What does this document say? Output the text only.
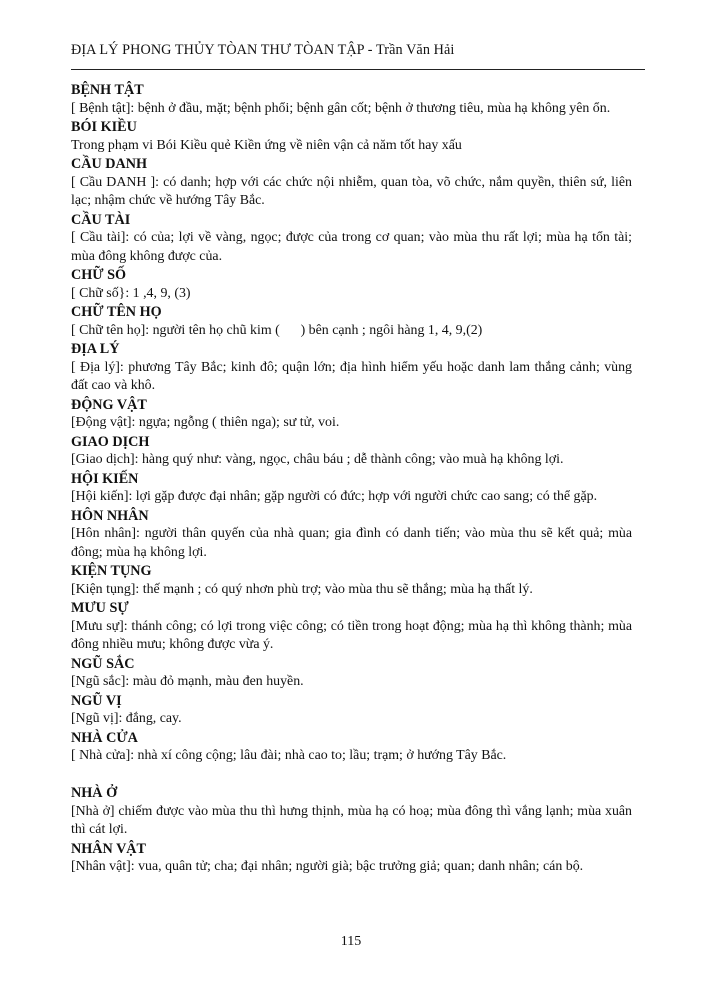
ĐỊA LÝ PHONG THỦY TÒAN THƯ TÒAN TẬP - Trần Văn Hải
BỆNH TẬT

[ Bệnh tật]: bệnh ở đầu, mặt; bệnh phổi; bệnh gân cốt; bệnh ở thương tiêu, mùa hạ không yên ổn.

BÓI KIỀU

Trong phạm vi Bói Kiều quẻ Kiền ứng về niên vận cả năm tốt hay xấu

CẦU DANH

[ Cầu DANH ]: có danh; hợp với các chức nội nhiễm, quan tòa, võ chức, nắm quyền, thiên sứ, liên lạc; nhậm chức về hướng Tây Bắc.

CẦU TÀI

[ Cầu tài]: có của; lợi về vàng, ngọc; được của trong cơ quan; vào mùa thu rất lợi; mùa hạ tổn tài; mùa đông không được của.

CHỮ SỐ

[ Chữ số}: 1 ,4, 9, (3)

CHỮ TÊN HỌ

[ Chữ tên họ]: người tên họ chũ kim (      ) bên cạnh ; ngôi hàng 1, 4, 9,(2)

ĐỊA LÝ

[ Địa lý]: phương Tây Bắc; kinh đô; quận lớn; địa hình hiểm yếu hoặc danh lam thắng cảnh; vùng đất cao và khô.

ĐỘNG VẬT

[Động vật]: ngựa; ngỗng ( thiên nga); sư tử, voi.

GIAO DỊCH

[Giao dịch]: hàng quý như: vàng, ngọc, châu báu ; dễ thành công; vào muà hạ không lợi.

HỘI KIẾN

[Hội kiến]: lợi gặp được đại nhân; gặp người có đức; hợp với người chức cao sang; có thể gặp.

HÔN NHÂN

[Hôn nhân]: người thân quyến của nhà quan; gia đình có danh tiến; vào mùa thu sẽ kết quả; mùa đông; mùa hạ không lợi.

KIỆN TỤNG

[Kiện tụng]: thế mạnh ; có quý nhơn phù trợ; vào mùa thu sẽ thắng; mùa hạ thất lý.

MƯU SỰ

[Mưu sự]: thánh công; có lợi trong việc công; có tiền trong hoạt động; mùa hạ thì không thành; mùa đông nhiều mưu; không được vừa ý.

NGŨ SẮC

[Ngũ sắc]: màu đỏ mạnh, màu đen huyền.

NGŨ VỊ

[Ngũ vị]: đắng, cay.

NHÀ CỬA

[ Nhà cửa]: nhà xí công cộng; lâu đài; nhà cao to; lầu; trạm; ở hướng Tây Bắc.

NHÀ Ở

[Nhà ở] chiếm được vào mùa thu thì hưng thịnh, mùa hạ có hoạ; mùa đông thì vắng lạnh; mùa xuân thì cát lợi.

NHÂN VẬT

[Nhân vật]: vua, quân tử; cha; đại nhân; người già; bậc trưởng giả; quan; danh nhân; cán bộ.

115
